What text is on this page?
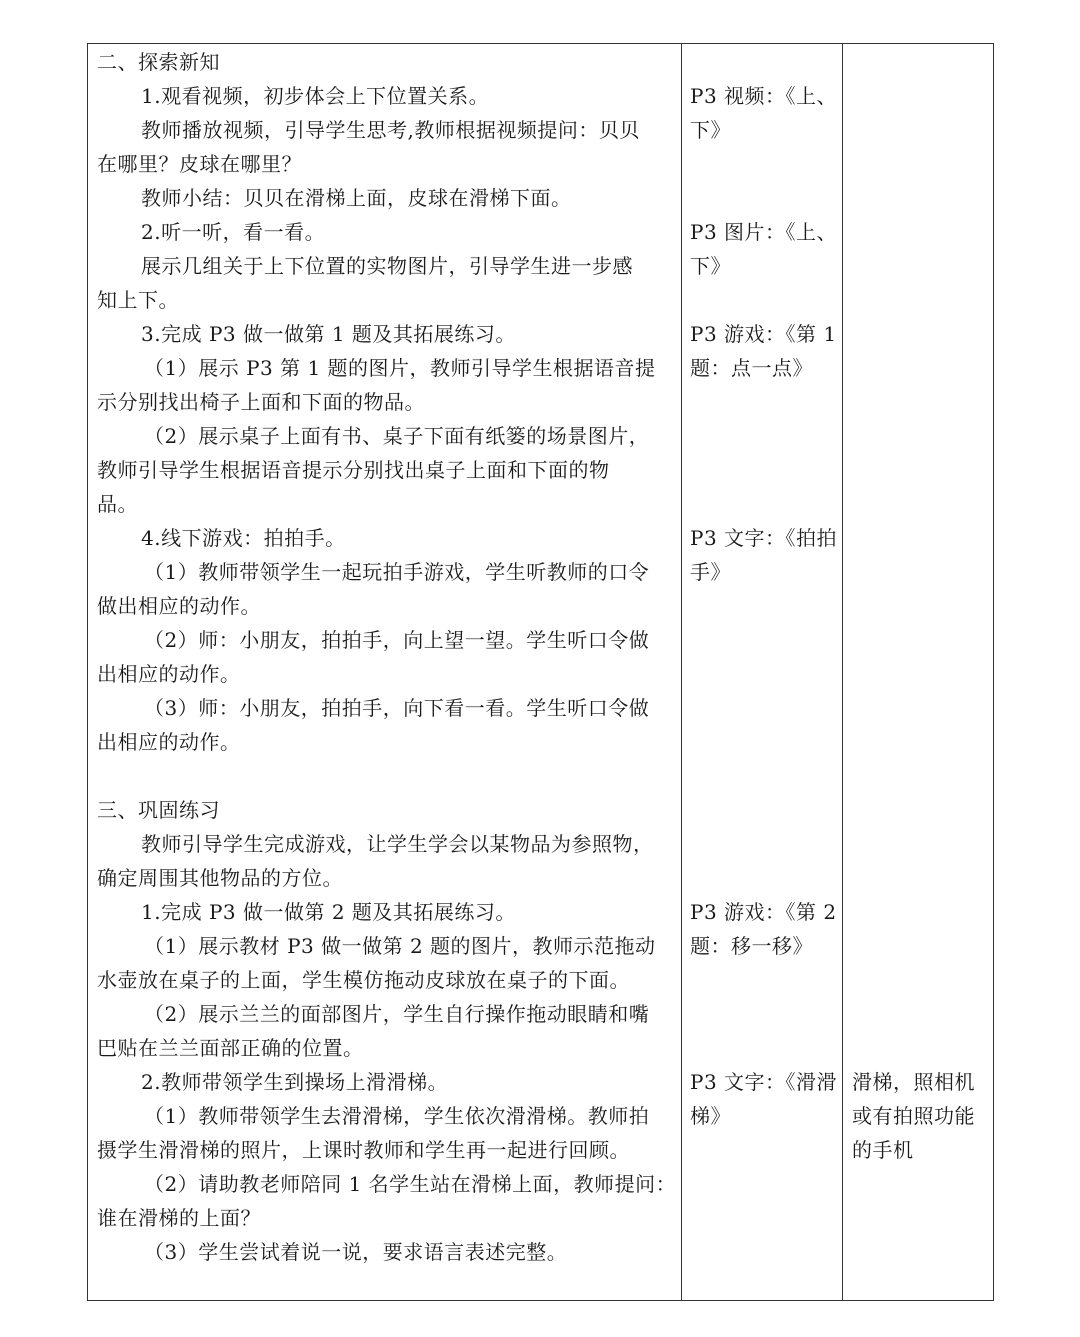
二、探索新知
1.观看视频，初步体会上下位置关系。
教师播放视频，引导学生思考,教师根据视频提问：贝贝
在哪里？皮球在哪里？
教师小结：贝贝在滑梯上面，皮球在滑梯下面。
2.听一听，看一看。
展示几组关于上下位置的实物图片，引导学生进一步感
知上下。
3.完成 P3 做一做第 1 题及其拓展练习。
（1）展示 P3 第 1 题的图片，教师引导学生根据语音提
示分别找出椅子上面和下面的物品。
（2）展示桌子上面有书、桌子下面有纸篓的场景图片，
教师引导学生根据语音提示分别找出桌子上面和下面的物
品。
4.线下游戏：拍拍手。
（1）教师带领学生一起玩拍手游戏，学生听教师的口令
做出相应的动作。
（2）师：小朋友，拍拍手，向上望一望。学生听口令做
出相应的动作。
（3）师：小朋友，拍拍手，向下看一看。学生听口令做
出相应的动作。
三、巩固练习
教师引导学生完成游戏，让学生学会以某物品为参照物，
确定周围其他物品的方位。
1.完成 P3 做一做第 2 题及其拓展练习。
（1）展示教材 P3 做一做第 2 题的图片，教师示范拖动
水壶放在桌子的上面，学生模仿拖动皮球放在桌子的下面。
（2）展示兰兰的面部图片，学生自行操作拖动眼睛和嘴
巴贴在兰兰面部正确的位置。
2.教师带领学生到操场上滑滑梯。
（1）教师带领学生去滑滑梯，学生依次滑滑梯。教师拍
摄学生滑滑梯的照片，上课时教师和学生再一起进行回顾。
（2）请助教老师陪同 1 名学生站在滑梯上面，教师提问：
谁在滑梯的上面？
（3）学生尝试着说一说，要求语言表述完整。
P3 视频：《上、
下》
P3 图片：《上、
下》
P3 游戏：《第 1
题：点一点》
P3 文字：《拍拍
手》
P3 游戏：《第 2
题：移一移》
P3 文字：《滑滑
梯》
滑梯，照相机
或有拍照功能
的手机
